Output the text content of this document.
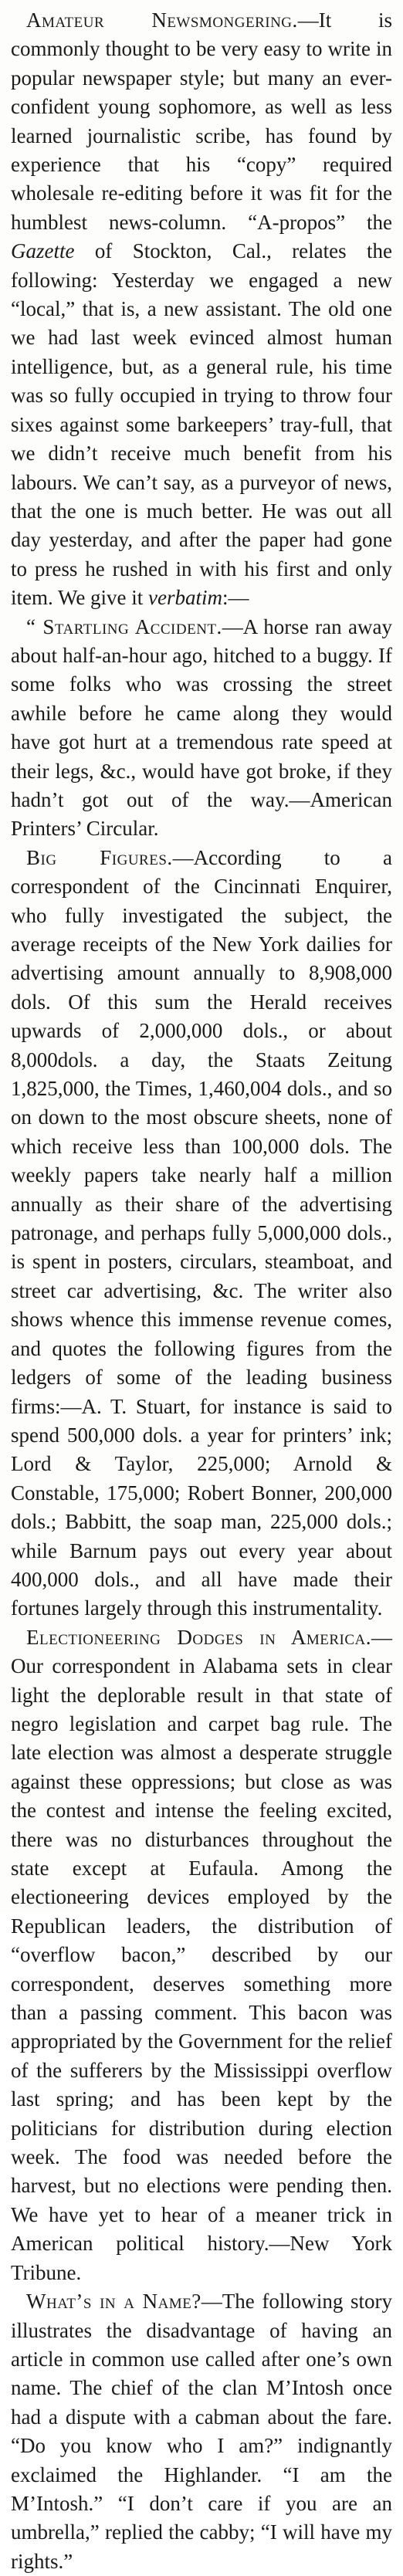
Amateur Newsmongering.—It is commonly thought to be very easy to write in popular newspaper style; but many an ever-confident young sophomore, as well as less learned journalistic scribe, has found by experience that his “copy” required wholesale re-editing before it was fit for the humblest news-column. “A-propos” the Gazette of Stockton, Cal., relates the following: Yesterday we engaged a new “local,” that is, a new assistant. The old one we had last week evinced almost human intelligence, but, as a general rule, his time was so fully occupied in trying to throw four sixes against some barkeepers’ tray-full, that we didn’t receive much benefit from his labours. We can’t say, as a purveyor of news, that the one is much better. He was out all day yesterday, and after the paper had gone to press he rushed in with his first and only item. We give it verbatim:—

“ Startling Accident.—A horse ran away about half-an-hour ago, hitched to a buggy. If some folks who was crossing the street awhile before he came along they would have got hurt at a tremendous rate speed at their legs, &c., would have got broke, if they hadn’t got out of the way.—American Printers’ Circular.

Big Figures.—According to a correspondent of the Cincinnati Enquirer, who fully investigated the subject, the average receipts of the New York dailies for advertising amount annually to 8,908,000 dols. Of this sum the Herald receives upwards of 2,000,000 dols., or about 8,000dols. a day, the Staats Zeitung 1,825,000, the Times, 1,460,004 dols., and so on down to the most obscure sheets, none of which receive less than 100,000 dols. The weekly papers take nearly half a million annually as their share of the advertising patronage, and perhaps fully 5,000,000 dols., is spent in posters, circulars, steamboat, and street car advertising, &c. The writer also shows whence this immense revenue comes, and quotes the following figures from the ledgers of some of the leading business firms:—A. T. Stuart, for instance is said to spend 500,000 dols. a year for printers’ ink; Lord & Taylor, 225,000; Arnold & Constable, 175,000; Robert Bonner, 200,000 dols.; Babbitt, the soap man, 225,000 dols.; while Barnum pays out every year about 400,000 dols., and all have made their fortunes largely through this instrumentality.

Electioneering Dodges in America.—Our correspondent in Alabama sets in clear light the deplorable result in that state of negro legislation and carpet bag rule. The late election was almost a desperate struggle against these oppressions; but close as was the contest and intense the feeling excited, there was no disturbances throughout the state except at Eufaula. Among the electioneering devices employed by the Republican leaders, the distribution of “overflow bacon,” described by our correspondent, deserves something more than a passing comment. This bacon was appropriated by the Government for the relief of the sufferers by the Mississippi overflow last spring; and has been kept by the politicians for distribution during election week. The food was needed before the harvest, but no elections were pending then. We have yet to hear of a meaner trick in American political history.—New York Tribune.

What’s in a Name?—The following story illustrates the disadvantage of having an article in common use called after one’s own name. The chief of the clan M’Intosh once had a dispute with a cabman about the fare. “Do you know who I am?” indignantly exclaimed the Highlander. “I am the M’Intosh.” “I don’t care if you are an umbrella,” replied the cabby; “I will have my rights.”
